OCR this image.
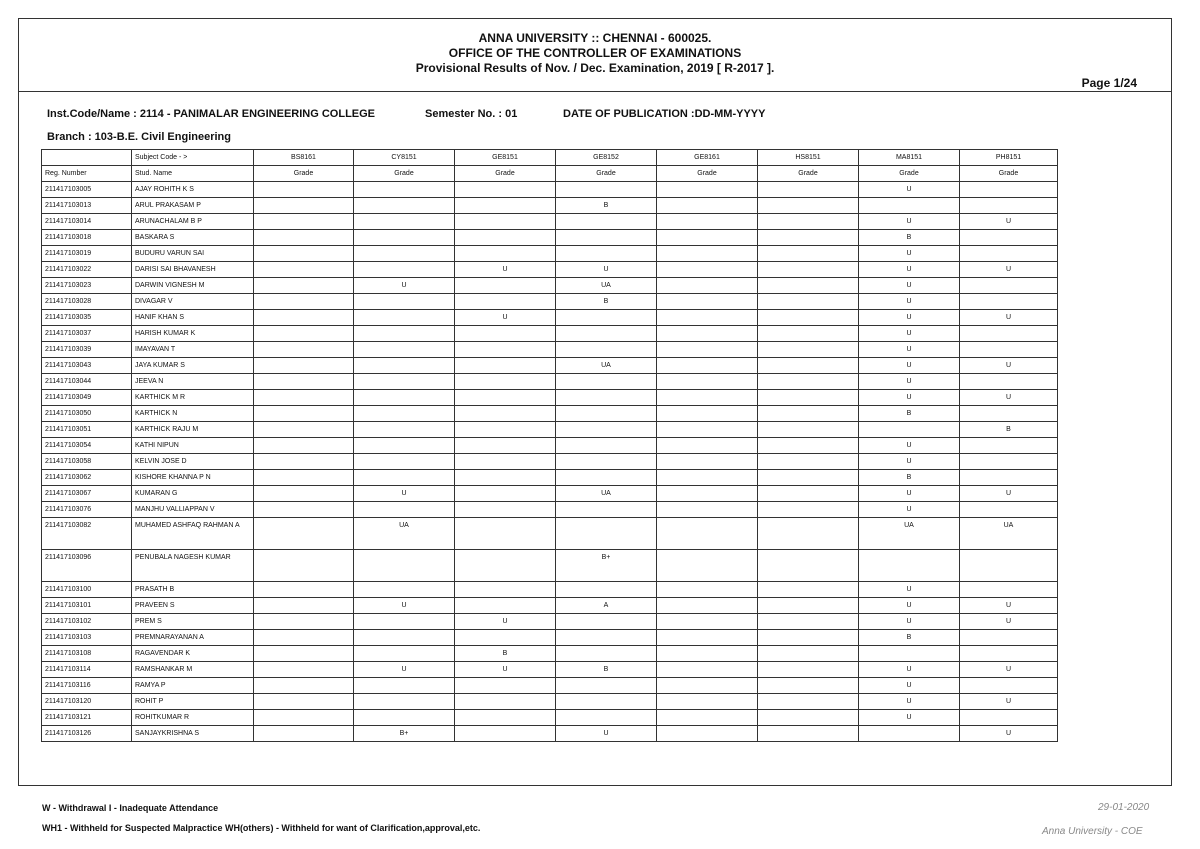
ANNA UNIVERSITY :: CHENNAI - 600025.
OFFICE OF THE CONTROLLER OF EXAMINATIONS
Provisional Results of Nov. / Dec. Examination, 2019 [ R-2017 ].
Page 1/24
Inst.Code/Name : 2114 - PANIMALAR ENGINEERING COLLEGE	Semester No. : 01	DATE OF PUBLICATION :DD-MM-YYYY
Branch : 103-B.E. Civil Engineering
	Subject Code - >	BS8161	CY8151	GE8151	GE8152	GE8161	HS8151	MA8151	PH8151
Reg. Number	Stud. Name	Grade	Grade	Grade	Grade	Grade	Grade	Grade	Grade
211417103005	AJAY ROHITH K S							U	
211417103013	ARUL PRAKASAM P				B				
211417103014	ARUNACHALAM B P							U	U
211417103018	BASKARA S							B	
211417103019	BUDURU VARUN SAI							U	
211417103022	DARISI SAI BHAVANESH			U	U			U	U
211417103023	DARWIN VIGNESH M		U		UA			U	
211417103028	DIVAGAR V				B			U	
211417103035	HANIF KHAN S			U				U	U
211417103037	HARISH KUMAR K							U	
211417103039	IMAYAVAN T							U	
211417103043	JAYA KUMAR S				UA			U	U
211417103044	JEEVA N							U	
211417103049	KARTHICK M R							U	U
211417103050	KARTHICK N							B	
211417103051	KARTHICK RAJU M								B
211417103054	KATHI NIPUN							U	
211417103058	KELVIN JOSE D							U	
211417103062	KISHORE KHANNA P N							B	
211417103067	KUMARAN G		U		UA			U	U
211417103076	MANJHU VALLIAPPAN V							U	
211417103082	MUHAMED ASHFAQ RAHMAN A		UA					UA	UA
211417103096	PENUBALA NAGESH KUMAR				B+				
211417103100	PRASATH B							U	
211417103101	PRAVEEN S		U		A			U	U
211417103102	PREM S			U				U	U
211417103103	PREMNARAYANAN A							B	
211417103108	RAGAVENDAR K			B					
211417103114	RAMSHANKAR M		U	U	B			U	U
211417103116	RAMYA P							U	
211417103120	ROHIT P							U	U
211417103121	ROHITKUMAR R							U	
211417103126	SANJAYKRISHNA S		B+		U				U
W - Withdrawal I - Inadequate Attendance
WH1 - Withheld for Suspected Malpractice WH(others) - Withheld for want of Clarification,approval,etc.
29-01-2020
Anna University - COE
